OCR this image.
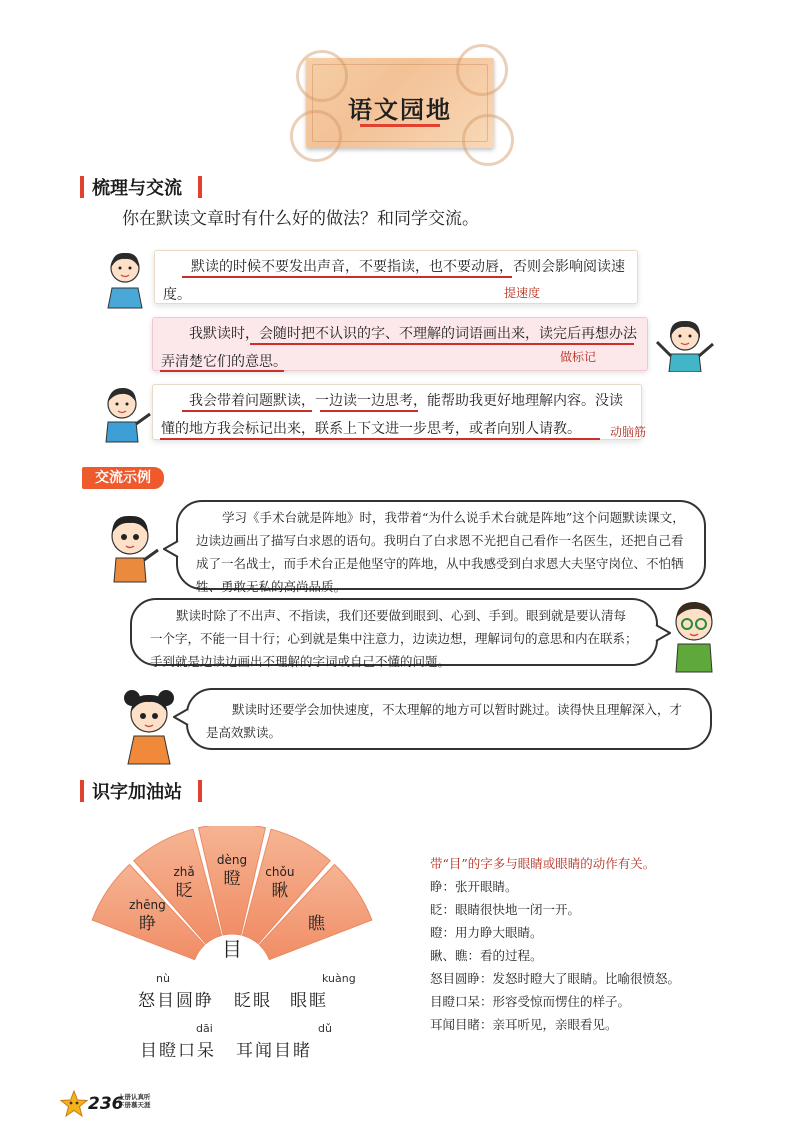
语文园地
梳理与交流
你在默读文章时有什么好的做法？和同学交流。
默读的时候不要发出声音，不要指读，也不要动唇，否则会影响阅读速度。	提速度
我默读时，会随时把不认识的字、不理解的词语画出来，读完后再想办法弄清楚它们的意思。	做标记
我会带着问题默读，一边读一边思考，能帮助我更好地理解内容。没读懂的地方我会标记出来，联系上下文进一步思考，或者向别人请教。	动脑筋
交流示例
学习《手术台就是阵地》时，我带着“为什么说手术台就是阵地”这个问题默读课文，边读边画出了描写白求恩的语句。我明白了白求恩不光把自己看作一名医生，还把自己看成了一名战士，而手术台正是他坚守的阵地，从中我感受到白求恩大夫坚守岗位、不怕牺牲、勇敢无私的高尚品质。
默读时除了不出声、不指读，我们还要做到眼到、心到、手到。眼到就是要认清每一个字，不能一目十行；心到就是集中注意力，边读边想，理解词句的意思和内在联系；手到就是边读边画出不理解的字词或自己不懂的问题。
默读时还要学会加快速度，不太理解的地方可以暂时跳过。读得快且理解深入，才是高效默读。
识字加油站
zhēng
睁
zhǎ
眨
dèng
瞪 chǒu
瞅
瞧
目
nù	kuàng
怒目圆睁 眨眼 眼眶
dāi	dǔ
目瞪口呆 耳闻目睹
带“目”的字多与眼睛或眼睛的动作有关。
睁：张开眼睛。
眨：眼睛很快地一闭一开。
瞪：用力睁大眼睛。
瞅、瞧：看的过程。
怒目圆睁：发怒时瞪大了眼睛。比喻很愤怒。
目瞪口呆：形容受惊而愣住的样子。
耳闻目睹：亲耳听见，亲眼看见。
236
上册认真听
下册慕天涯
